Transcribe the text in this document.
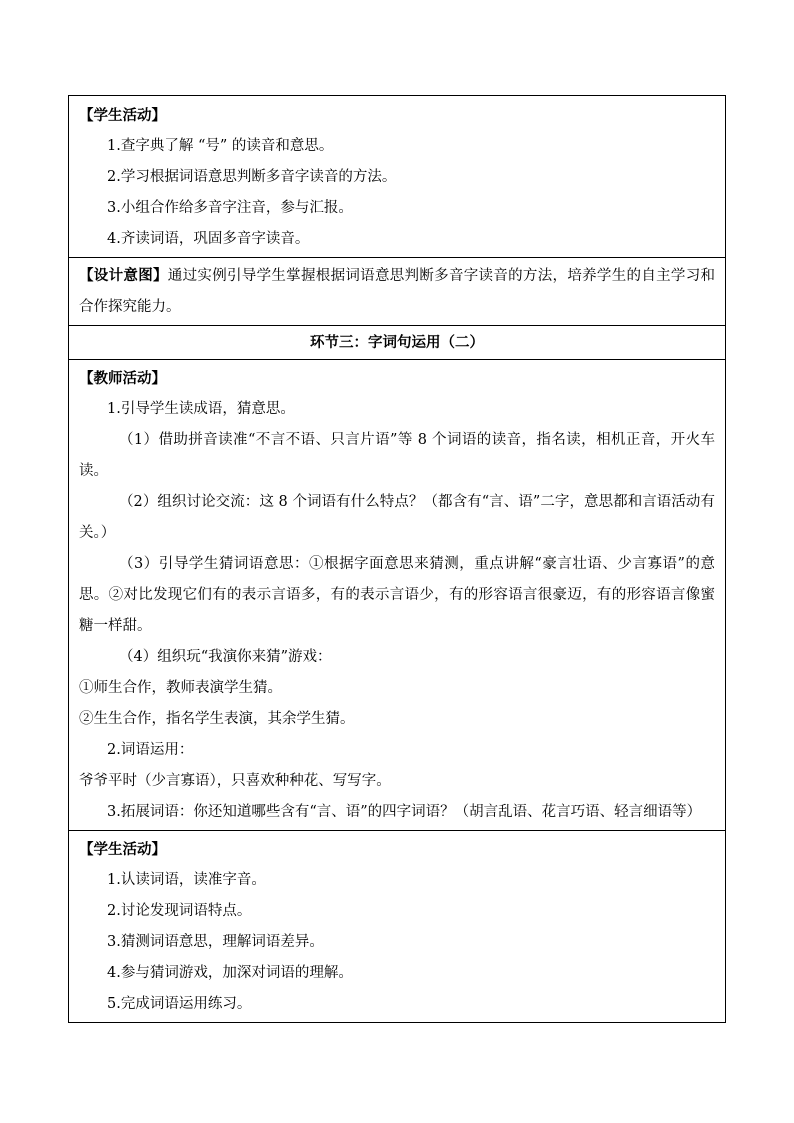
【学生活动】
1.查字典了解 “号” 的读音和意思。
2.学习根据词语意思判断多音字读音的方法。
3.小组合作给多音字注音，参与汇报。
4.齐读词语，巩固多音字读音。
【设计意图】通过实例引导学生掌握根据词语意思判断多音字读音的方法，培养学生的自主学习和合作探究能力。
环节三：字词句运用（二）
【教师活动】
1.引导学生读成语，猜意思。
（1）借助拼音读准“不言不语、只言片语”等 8 个词语的读音，指名读，相机正音，开火车读。
（2）组织讨论交流：这 8 个词语有什么特点？（都含有“言、语”二字，意思都和言语活动有关。）
（3）引导学生猜词语意思：①根据字面意思来猜测，重点讲解“豪言壮语、少言寡语”的意思。②对比发现它们有的表示言语多，有的表示言语少，有的形容语言很豪迈，有的形容语言像蜜糖一样甜。
（4）组织玩“我演你来猜”游戏：
①师生合作，教师表演学生猜。
②生生合作，指名学生表演，其余学生猜。
2.词语运用：
爷爷平时（少言寡语），只喜欢种种花、写写字。
3.拓展词语：你还知道哪些含有“言、语”的四字词语？（胡言乱语、花言巧语、轻言细语等）
【学生活动】
1.认读词语，读准字音。
2.讨论发现词语特点。
3.猜测词语意思，理解词语差异。
4.参与猜词游戏，加深对词语的理解。
5.完成词语运用练习。
